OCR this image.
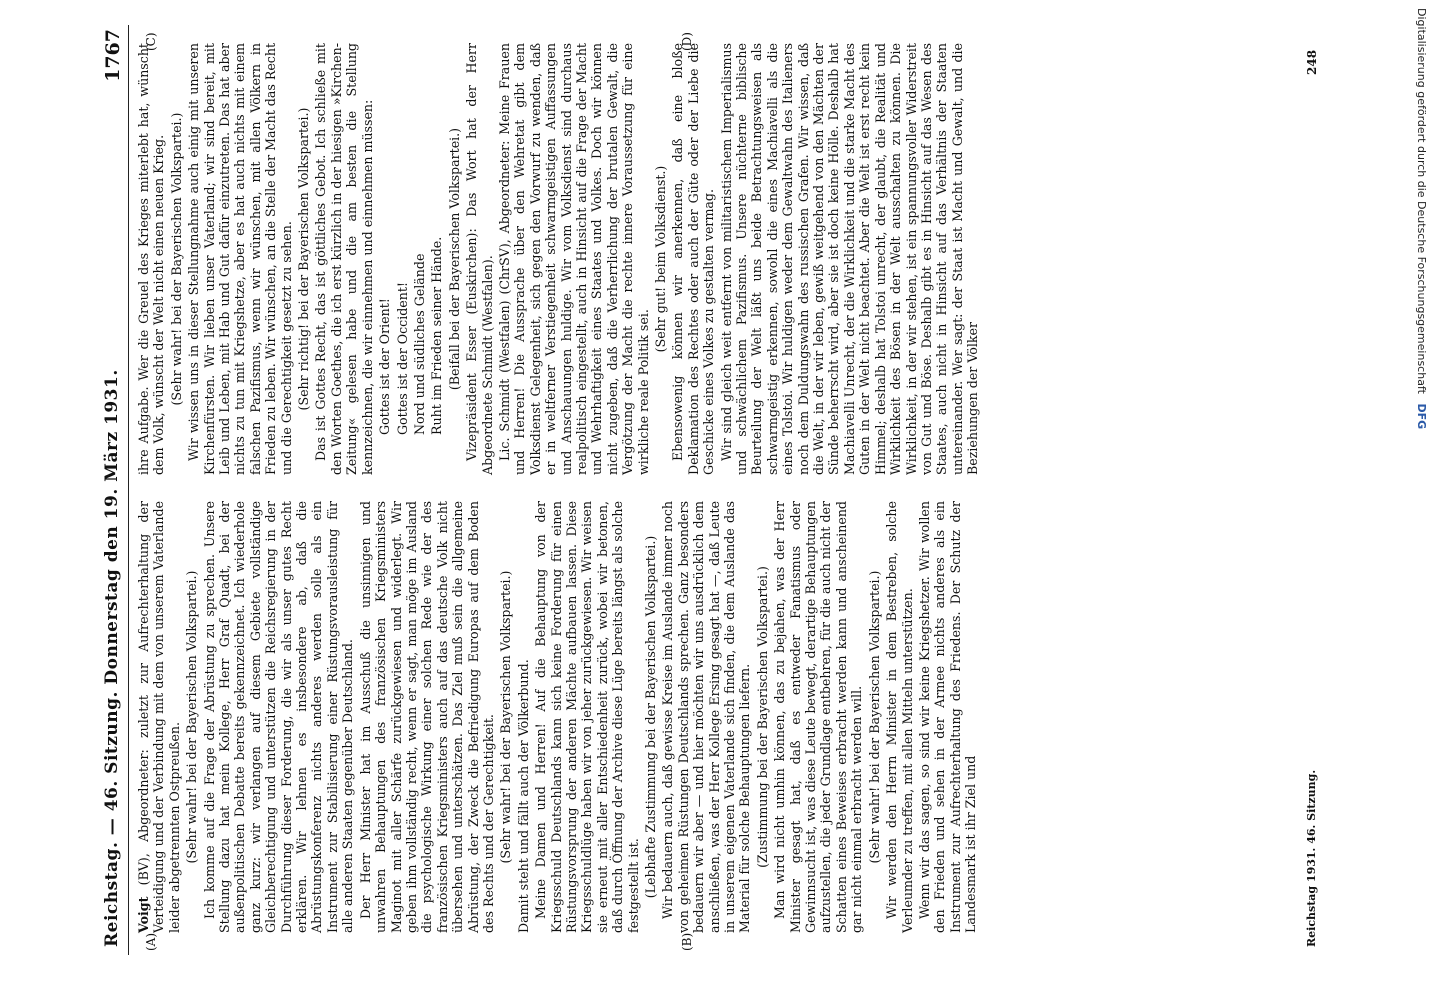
Reichstag. — 46. Sitzung. Donnerstag den 19. März 1931.
1767

Voigt (BV), Abgeordneter: zuletzt zur Aufrechterhaltung der Verteidigung und der Verbindung mit dem von unserem Vaterlande leider abgetrennten Ostpreußen. (Sehr wahr! bei der Bayerischen Volkspartei.) Ich komme auf die Frage der Abrüstung zu sprechen. Unsere Stellung dazu hat mein Kollege, Herr Graf Quadt, bei der außenpolitischen Debatte bereits gekennzeichnet. Ich wiederhole ganz kurz: wir verlangen auf diesem Gebiete vollständige Gleichberechtigung und unterstützen die Reichsregierung in der Durchführung dieser Forderung, die wir als unser gutes Recht erklären. Wir lehnen es insbesondere ab, daß die Abrüstungskonferenz nichts anderes werden solle als ein Instrument zur Stabilisierung einer Rüstungsvorausleistung für alle anderen Staaten gegenüber Deutschland. Der Herr Minister hat im Ausschuß die unsinnigen und unwahren Behauptungen des französischen Kriegsministers Maginot mit aller Schärfe zurückgewiesen und widerlegt. Wir geben ihm vollständig recht, wenn er sagt, man möge im Ausland die psychologische Wirkung einer solchen Rede wie der des französischen Kriegsministers auch auf das deutsche Volk nicht übersehen und unterschätzen. Das Ziel muß sein die allgemeine Abrüstung, der Zweck die Befriedigung Europas auf dem Boden des Rechts und der Gerechtigkeit. (Sehr wahr! bei der Bayerischen Volkspartei.) Damit steht und fällt auch der Völkerbund. Meine Damen und Herren! Auf die Behauptung von der Kriegsschuld Deutschlands kann sich keine Forderung für einen Rüstungsvorsprung der anderen Mächte aufbauen lassen. Diese Kriegsschuldlüge haben wir von jeher zurückgewiesen. Wir weisen sie erneut mit aller Entschiedenheit zurück, wobei wir betonen, daß durch Öffnung der Archive diese Lüge bereits längst als solche festgestellt ist. (Lebhafte Zustimmung bei der Bayerischen Volkspartei.) Wir bedauern auch, daß gewisse Kreise im Auslande immer noch von geheimen Rüstungen Deutschlands sprechen. Ganz besonders bedauern wir aber — und hier möchten wir uns ausdrücklich dem anschließen, was der Herr Kollege Ersing gesagt hat —, daß Leute in unserem eigenen Vaterlande sich finden, die dem Auslande das Material für solche Behauptungen liefern. (Zustimmung bei der Bayerischen Volkspartei.) Man wird nicht umhin können, das zu bejahen, was der Herr Minister gesagt hat, daß es entweder Fanatismus oder Gewinnsucht ist, was diese Leute bewegt, derartige Behauptungen aufzustellen, die jeder Grundlage entbehren, für die auch nicht der Schatten eines Beweises erbracht werden kann und anscheinend gar nicht einmal erbracht werden will. (Sehr wahr! bei der Bayerischen Volkspartei.) Wir werden den Herrn Minister in dem Bestreben, solche Verleumder zu treffen, mit allen Mitteln unterstützen. Wenn wir das sagen, so sind wir keine Kriegshetzer. Wir wollen den Frieden und sehen in der Armee nichts anderes als ein Instrument zur Aufrechterhaltung des Friedens. Der Schutz der Landesmark ist ihr Ziel und

ihre Aufgabe. Wer die Greuel des Krieges miterlebt hat, wünscht dem Volk, wünscht der Welt nicht einen neuen Krieg. (Sehr wahr! bei der Bayerischen Volkspartei.) Wir wissen uns in dieser Stellungnahme auch einig mit unseren Kirchenfürsten. Wir lieben unser Vaterland; wir sind bereit, mit Leib und Leben, mit Hab und Gut dafür einzutreten. Das hat aber nichts zu tun mit Kriegshetze, aber es hat auch nichts mit einem falschen Pazifismus, wenn wir wünschen, mit allen Völkern in Frieden zu leben. Wir wünschen, an die Stelle der Macht das Recht und die Gerechtigkeit gesetzt zu sehen. (Sehr richtig! bei der Bayerischen Volkspartei.) Das ist Gottes Recht, das ist göttliches Gebot. Ich schließe mit den Worten Goethes, die ich erst kürzlich in der hiesigen »Kirchen-Zeitung« gelesen habe und die am besten die Stellung kennzeichnen, die wir einnehmen und einnehmen müssen: Gottes ist der Orient! Gottes ist der Occident! Nord und südliches Gelände Ruht im Frieden seiner Hände. (Beifall bei der Bayerischen Volkspartei.) Vizepräsident Esser (Euskirchen): Das Wort hat der Herr Abgeordnete Schmidt (Westfalen). Lic. Schmidt (Westfalen) (ChrSV), Abgeordneter: Meine Frauen und Herren! Die Aussprache über den Wehretat gibt dem Volksdienst Gelegenheit, sich gegen den Vorwurf zu wenden, daß er in weltferner Verstiegenheit schwarmgeistigen Auffassungen und Anschauungen huldige. Wir vom Volksdienst sind durchaus realpolitisch eingestellt, auch in Hinsicht auf die Frage der Macht und Wehrhaftigkeit eines Staates und Volkes. Doch wir können nicht zugeben, daß die Verherrlichung der brutalen Gewalt, die Vergötzung der Macht die rechte innere Voraussetzung für eine wirkliche reale Politik sei.

(Sehr gut! beim Volksdienst.) Ebensowenig können wir anerkennen, daß eine bloße Deklamation des Rechtes oder auch der Güte oder der Liebe die Geschicke eines Volkes zu gestalten vermag. Wir sind gleich weit entfernt von militaristischem Imperialismus und schwächlichem Pazifismus. Unsere nüchterne biblische Beurteilung der Welt läßt uns beide Betrachtungsweisen als schwarmgeistig erkennen, sowohl die eines Machiavelli als die eines Tolstoi. Wir huldigen weder dem Gewaltwahn des Italieners noch dem Duldungswahn des russischen Grafen. Wir wissen, daß die Welt, in der wir leben, gewiß weitgehend von den Mächten der Sünde beherrscht wird, aber sie ist doch keine Hölle. Deshalb hat Machiavelli Unrecht, der die Wirklichkeit und die starke Macht des Guten in der Welt nicht beachtet. Aber die Welt ist erst recht kein Himmel; deshalb hat Tolstoi unrecht, der glaubt, die Realität und Wirklichkeit des Bösen in der Welt ausschalten zu können. Die Wirklichkeit, in der wir stehen, ist ein spannungsvoller Widerstreit von Gut und Böse. Deshalb gibt es in Hinsicht auf das Wesen des Staates, auch nicht in Hinsicht auf das Verhältnis der Staaten untereinander. Wer sagt: der Staat ist Macht und Gewalt, und die Beziehungen der Völker

(A)	(B)
(C)	(D)
Reichstag 1931. 46. Sitzung.
248	Digitalisierung gefördert durch die Deutsche Forschungsgemeinschaft DFG
